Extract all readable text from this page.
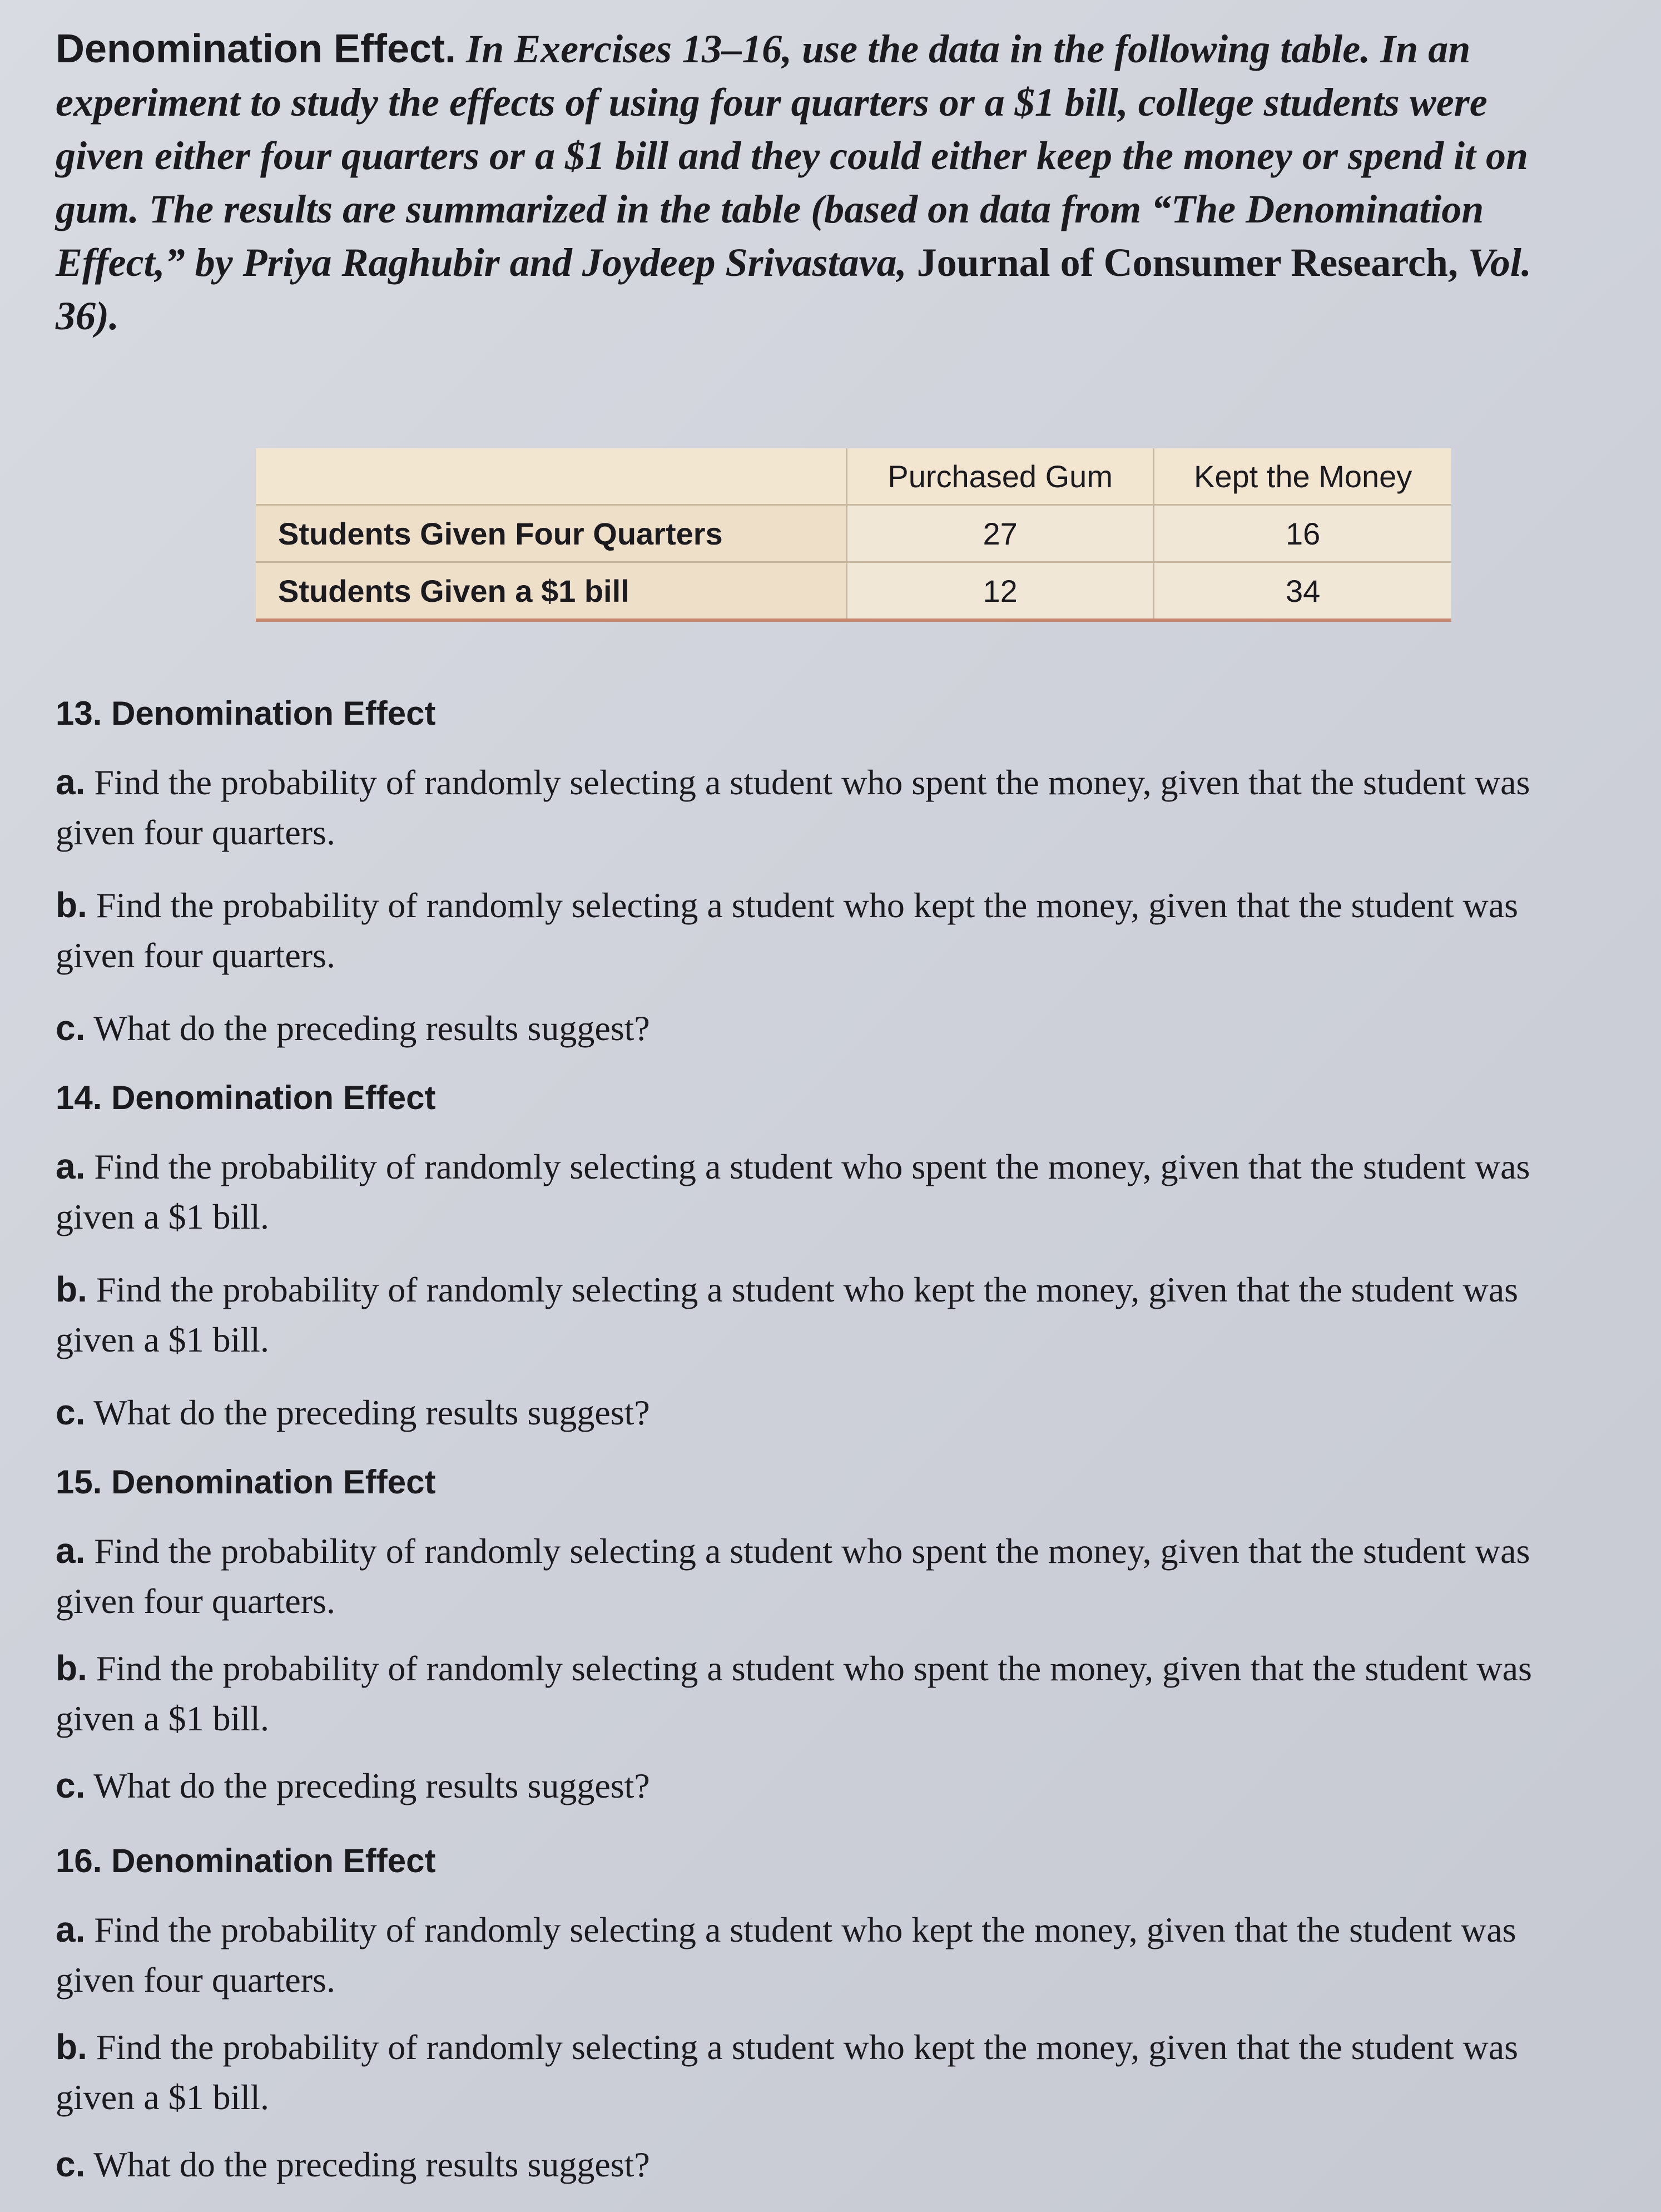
Denomination Effect. In Exercises 13–16, use the data in the following table. In an experiment to study the effects of using four quarters or a $1 bill, college students were given either four quarters or a $1 bill and they could either keep the money or spend it on gum. The results are summarized in the table (based on data from “The Denomination Effect,” by Priya Raghubir and Joydeep Srivastava, Journal of Consumer Research, Vol. 36).

	Purchased Gum	Kept the Money
Students Given Four Quarters	27	16
Students Given a $1 bill	12	34

13. Denomination Effect

a. Find the probability of randomly selecting a student who spent the money, given that the student was given four quarters.

b. Find the probability of randomly selecting a student who kept the money, given that the student was given four quarters.

c. What do the preceding results suggest?

14. Denomination Effect

a. Find the probability of randomly selecting a student who spent the money, given that the student was given a $1 bill.

b. Find the probability of randomly selecting a student who kept the money, given that the student was given a $1 bill.

c. What do the preceding results suggest?

15. Denomination Effect

a. Find the probability of randomly selecting a student who spent the money, given that the student was given four quarters.

b. Find the probability of randomly selecting a student who spent the money, given that the student was given a $1 bill.

c. What do the preceding results suggest?

16. Denomination Effect

a. Find the probability of randomly selecting a student who kept the money, given that the student was given four quarters.

b. Find the probability of randomly selecting a student who kept the money, given that the student was given a $1 bill.

c. What do the preceding results suggest?
